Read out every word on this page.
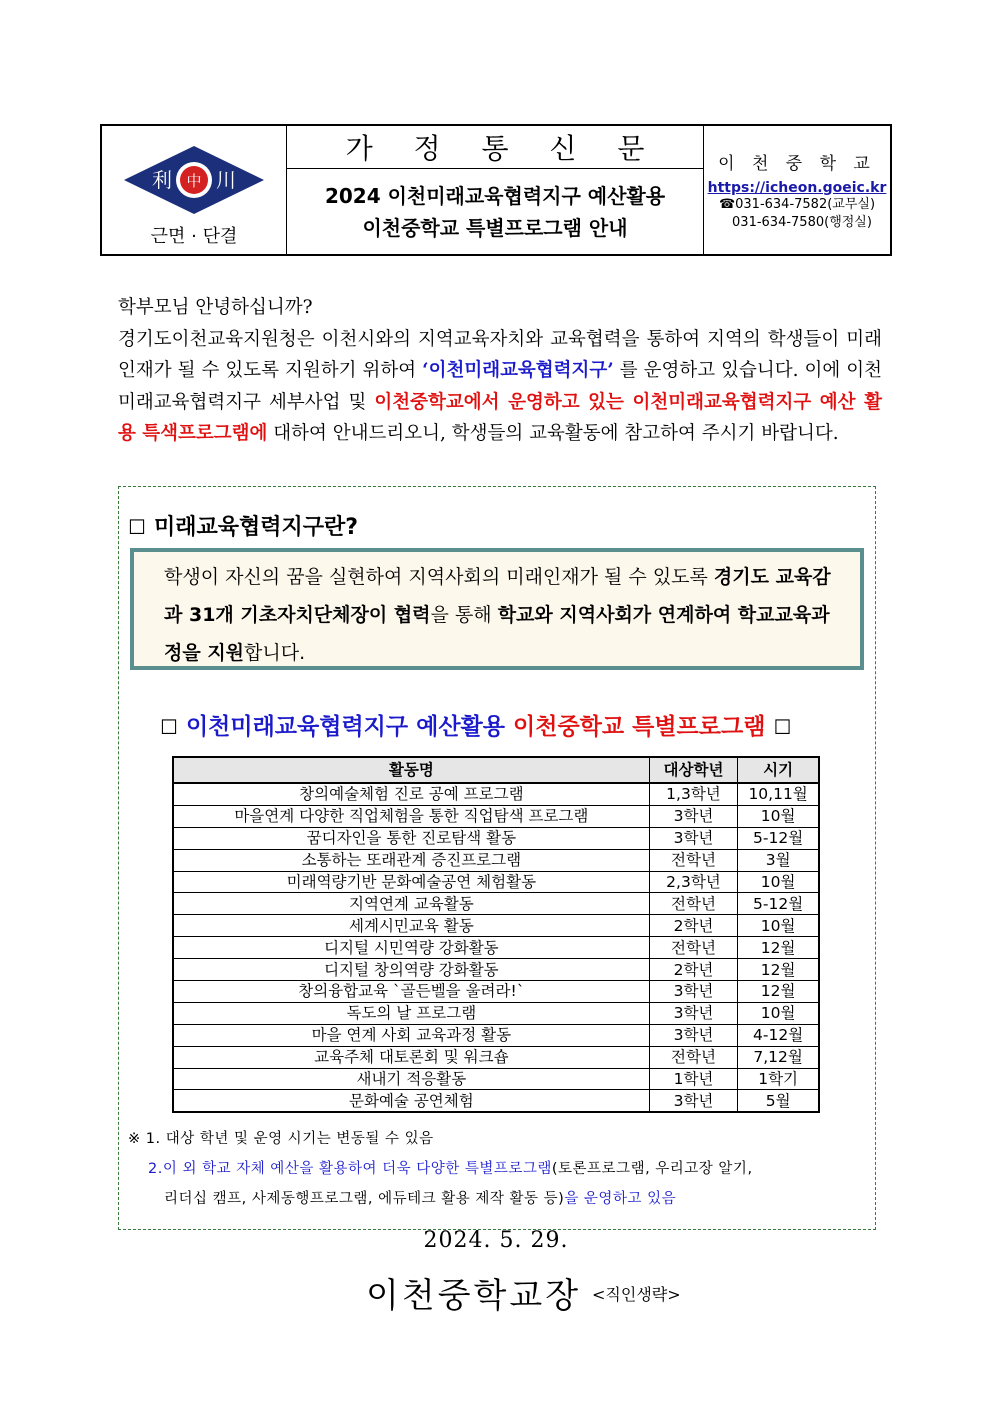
利 中 川
근면 · 단결
가 정 통 신 문
2024 이천미래교육협력지구 예산활용
이천중학교 특별프로그램 안내
이 천 중 학 교
https://icheon.goeic.kr
☎031-634-7582(교무실)
031-634-7580(행정실)

학부모님 안녕하십니까?

경기도이천교육지원청은 이천시와의 지역교육자치와 교육협력을 통하여 지역의 학생들이 미래인재가 될 수 있도록 지원하기 위하여 ‘이천미래교육협력지구’ 를 운영하고 있습니다. 이에 이천미래교육협력지구 세부사업 및 이천중학교에서 운영하고 있는 이천미래교육협력지구 예산 활용 특색프로그램에 대하여 안내드리오니, 학생들의 교육활동에 참고하여 주시기 바랍니다.

☐ 미래교육협력지구란?
학생이 자신의 꿈을 실현하여 지역사회의 미래인재가 될 수 있도록 경기도 교육감과 31개 기초자치단체장이 협력을 통해 학교와 지역사회가 연계하여 학교교육과정을 지원합니다.
☐ 이천미래교육협력지구 예산활용 이천중학교 특별프로그램 ☐
활동명	대상학년	시기
창의예술체험 진로 공예 프로그램	1,3학년	10,11월
마을연계 다양한 직업체험을 통한 직업탐색 프로그램	3학년	10월
꿈디자인을 통한 진로탐색 활동	3학년	5-12월
소통하는 또래관계 증진프로그램	전학년	3월
미래역량기반 문화예술공연 체험활동	2,3학년	10월
지역연계 교육활동	전학년	5-12월
세계시민교육 활동	2학년	10월
디지털 시민역량 강화활동	전학년	12월
디지털 창의역량 강화활동	2학년	12월
창의융합교육 `골든벨을 울려라!`	3학년	12월
독도의 날 프로그램	3학년	10월
마을 연계 사회 교육과정 활동	3학년	4-12월
교육주체 대토론회 및 워크숍	전학년	7,12월
새내기 적응활동	1학년	1학기
문화예술 공연체험	3학년	5월
※ 1. 대상 학년 및 운영 시기는 변동될 수 있음
2.이 외 학교 자체 예산을 활용하여 더욱 다양한 특별프로그램(토론프로그램, 우리고장 알기,
리더십 캠프, 사제동행프로그램, 에듀테크 활용 제작 활동 등)을 운영하고 있음
2024. 5. 29.
이천중학교장 <직인생략>
